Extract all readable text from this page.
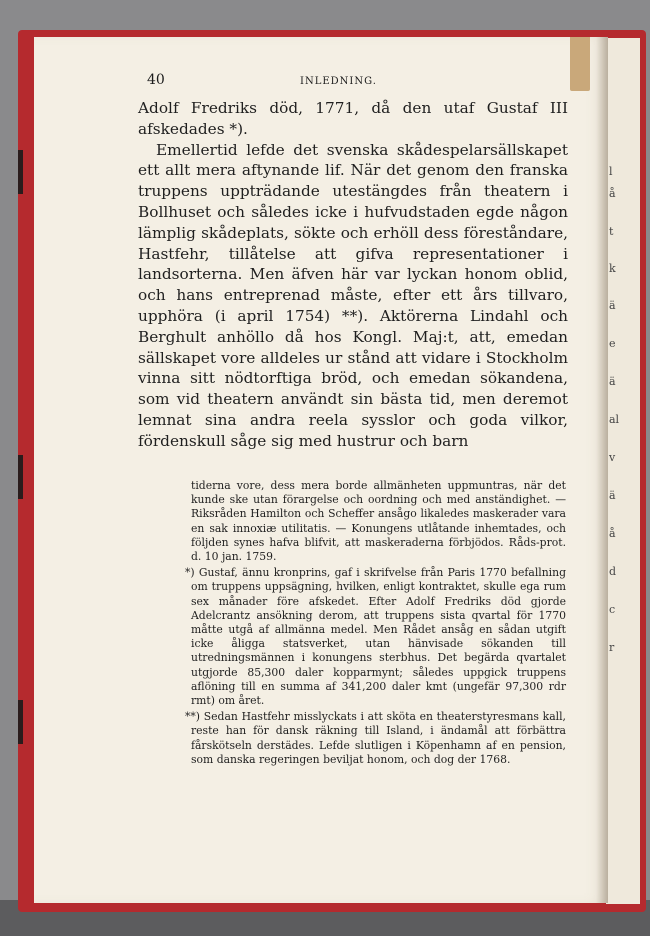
l
å
t
k
ä
e
ä
al
v
ä
å
d
c
r
40	INLEDNING.

Adolf Fredriks död, 1771, då den utaf Gustaf III afskedades *).

Emellertid lefde det svenska skådespelarsällskapet ett allt mera aftynande lif. När det genom den franska truppens uppträdande utestängdes från theatern i Bollhuset och således icke i hufvudstaden egde någon lämplig skådeplats, sökte och erhöll dess föreståndare, Hastfehr, tillåtelse att gifva representationer i landsorterna. Men äfven här var lyckan honom oblid, och hans entreprenad måste, efter ett års tillvaro, upphöra (i april 1754) **). Aktörerna Lindahl och Berghult anhöllo då hos Kongl. Maj:t, att, emedan sällskapet vore alldeles ur stånd att vidare i Stockholm vinna sitt nödtorftiga bröd, och emedan sökandena, som vid theatern användt sin bästa tid, men deremot lemnat sina andra reela sysslor och goda vilkor, fördenskull såge sig med hustrur och barn

tiderna vore, dess mera borde allmänheten uppmuntras, när det kunde ske utan förargelse och oordning och med anständighet. — Riksråden Hamilton och Scheffer ansågo likaledes maskerader vara en sak innoxiæ utilitatis. — Konungens utlåtande inhemtades, och följden synes hafva blifvit, att maskeraderna förbjödos. Råds-prot. d. 10 jan. 1759.

*) Gustaf, ännu kronprins, gaf i skrifvelse från Paris 1770 befallning om truppens uppsägning, hvilken, enligt kontraktet, skulle ega rum sex månader före afskedet. Efter Adolf Fredriks död gjorde Adelcrantz ansökning derom, att truppens sista qvartal för 1770 måtte utgå af allmänna medel. Men Rådet ansåg en sådan utgift icke åligga statsverket, utan hänvisade sökanden till utredningsmännen i konungens sterbhus. Det begärda qvartalet utgjorde 85,300 daler kopparmynt; således uppgick truppens aflöning till en summa af 341,200 daler kmt (ungefär 97,300 rdr rmt) om året.

**) Sedan Hastfehr misslyckats i att sköta en theaterstyresmans kall, reste han för dansk räkning till Island, i ändamål att förbättra fårskötseln derstädes. Lefde slutligen i Köpenhamn af en pension, som danska regeringen beviljat honom, och dog der 1768.
